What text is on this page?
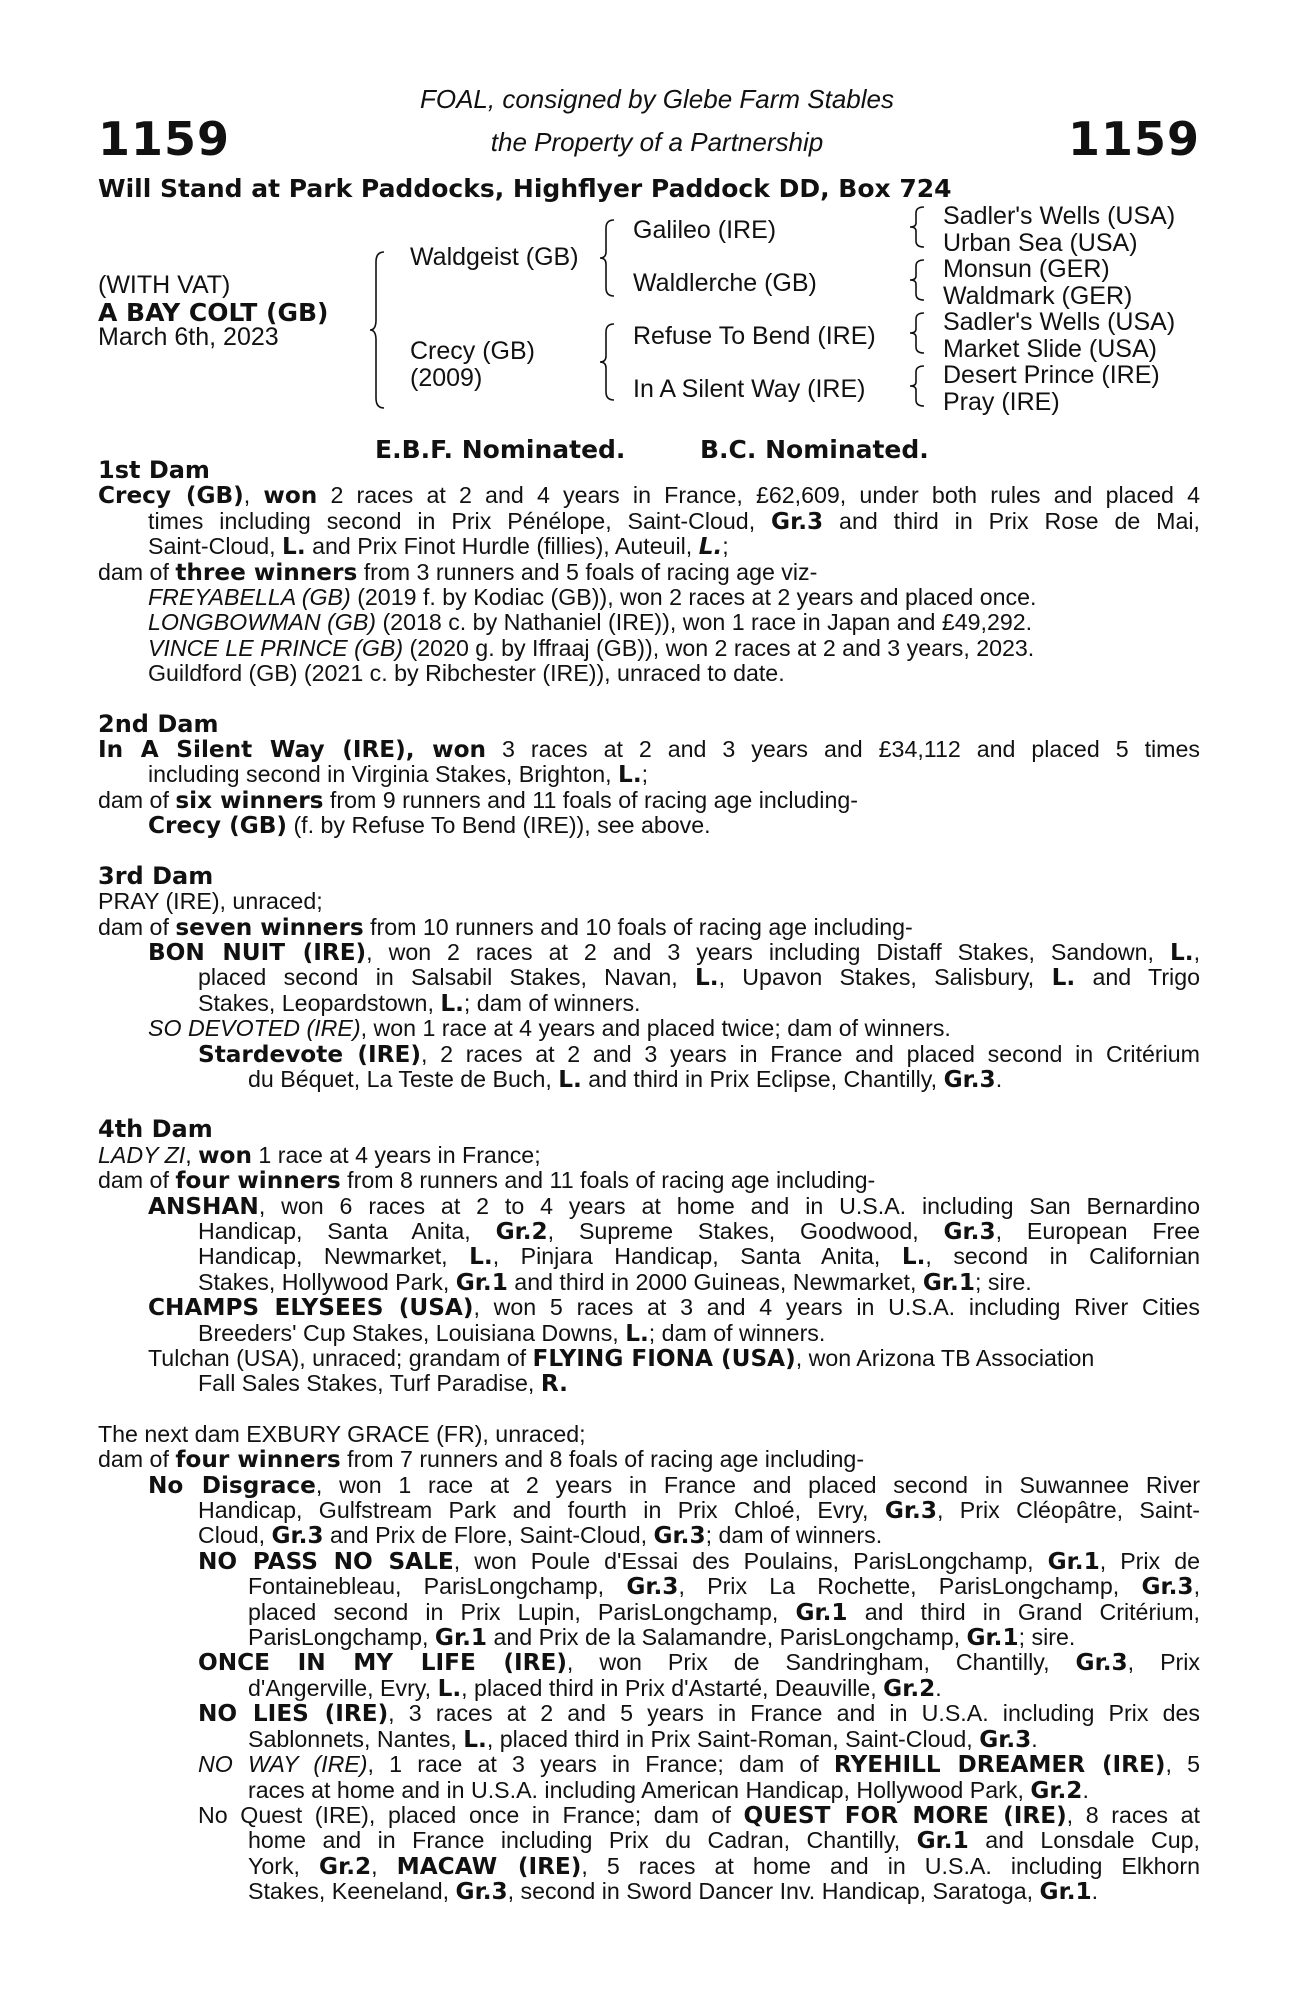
1159	1159
FOAL, consigned by Glebe Farm Stables
the Property of a Partnership
Will Stand at Park Paddocks, Highflyer Paddock DD, Box 724
(WITH VAT)
A BAY COLT (GB)
March 6th, 2023
Waldgeist (GB)
Crecy (GB)
(2009)
Galileo (IRE)
Waldlerche (GB)
Refuse To Bend (IRE)
In A Silent Way (IRE)
Sadler's Wells (USA)
Urban Sea (USA)
Monsun (GER)
Waldmark (GER)
Sadler's Wells (USA)
Market Slide (USA)
Desert Prince (IRE)
Pray (IRE)
E.B.F. Nominated.	B.C. Nominated.
1st Dam
Crecy (GB), won 2 races at 2 and 4 years in France, £62,609, under both rules and placed 4
times including second in Prix Pénélope, Saint-Cloud, Gr.3 and third in Prix Rose de Mai,
Saint-Cloud, L. and Prix Finot Hurdle (fillies), Auteuil, L.;
dam of three winners from 3 runners and 5 foals of racing age viz-
FREYABELLA (GB) (2019 f. by Kodiac (GB)), won 2 races at 2 years and placed once.
LONGBOWMAN (GB) (2018 c. by Nathaniel (IRE)), won 1 race in Japan and £49,292.
VINCE LE PRINCE (GB) (2020 g. by Iffraaj (GB)), won 2 races at 2 and 3 years, 2023.
Guildford (GB) (2021 c. by Ribchester (IRE)), unraced to date.
2nd Dam
In A Silent Way (IRE), won 3 races at 2 and 3 years and £34,112 and placed 5 times
including second in Virginia Stakes, Brighton, L.;
dam of six winners from 9 runners and 11 foals of racing age including-
Crecy (GB) (f. by Refuse To Bend (IRE)), see above.
3rd Dam
PRAY (IRE), unraced;
dam of seven winners from 10 runners and 10 foals of racing age including-
BON NUIT (IRE), won 2 races at 2 and 3 years including Distaff Stakes, Sandown, L.,
placed second in Salsabil Stakes, Navan, L., Upavon Stakes, Salisbury, L. and Trigo
Stakes, Leopardstown, L.; dam of winners.
SO DEVOTED (IRE), won 1 race at 4 years and placed twice; dam of winners.
Stardevote (IRE), 2 races at 2 and 3 years in France and placed second in Critérium
du Béquet, La Teste de Buch, L. and third in Prix Eclipse, Chantilly, Gr.3.
4th Dam
LADY ZI, won 1 race at 4 years in France;
dam of four winners from 8 runners and 11 foals of racing age including-
ANSHAN, won 6 races at 2 to 4 years at home and in U.S.A. including San Bernardino
Handicap, Santa Anita, Gr.2, Supreme Stakes, Goodwood, Gr.3, European Free
Handicap, Newmarket, L., Pinjara Handicap, Santa Anita, L., second in Californian
Stakes, Hollywood Park, Gr.1 and third in 2000 Guineas, Newmarket, Gr.1; sire.
CHAMPS ELYSEES (USA), won 5 races at 3 and 4 years in U.S.A. including River Cities
Breeders' Cup Stakes, Louisiana Downs, L.; dam of winners.
Tulchan (USA), unraced; grandam of FLYING FIONA (USA), won Arizona TB Association
Fall Sales Stakes, Turf Paradise, R.
The next dam EXBURY GRACE (FR), unraced;
dam of four winners from 7 runners and 8 foals of racing age including-
No Disgrace, won 1 race at 2 years in France and placed second in Suwannee River
Handicap, Gulfstream Park and fourth in Prix Chloé, Evry, Gr.3, Prix Cléopâtre, Saint-
Cloud, Gr.3 and Prix de Flore, Saint-Cloud, Gr.3; dam of winners.
NO PASS NO SALE, won Poule d'Essai des Poulains, ParisLongchamp, Gr.1, Prix de
Fontainebleau, ParisLongchamp, Gr.3, Prix La Rochette, ParisLongchamp, Gr.3,
placed second in Prix Lupin, ParisLongchamp, Gr.1 and third in Grand Critérium,
ParisLongchamp, Gr.1 and Prix de la Salamandre, ParisLongchamp, Gr.1; sire.
ONCE IN MY LIFE (IRE), won Prix de Sandringham, Chantilly, Gr.3, Prix
d'Angerville, Evry, L., placed third in Prix d'Astarté, Deauville, Gr.2.
NO LIES (IRE), 3 races at 2 and 5 years in France and in U.S.A. including Prix des
Sablonnets, Nantes, L., placed third in Prix Saint-Roman, Saint-Cloud, Gr.3.
NO WAY (IRE), 1 race at 3 years in France; dam of RYEHILL DREAMER (IRE), 5
races at home and in U.S.A. including American Handicap, Hollywood Park, Gr.2.
No Quest (IRE), placed once in France; dam of QUEST FOR MORE (IRE), 8 races at
home and in France including Prix du Cadran, Chantilly, Gr.1 and Lonsdale Cup,
York, Gr.2, MACAW (IRE), 5 races at home and in U.S.A. including Elkhorn
Stakes, Keeneland, Gr.3, second in Sword Dancer Inv. Handicap, Saratoga, Gr.1.
